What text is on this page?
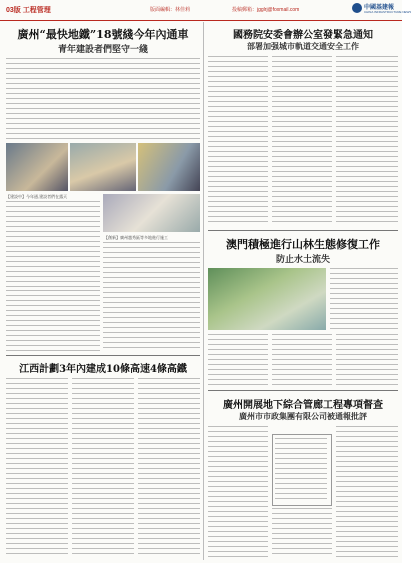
03版 工程管理	版面編輯：林佳莉	投稿郵箱：jgglrj@foxmail.com	中國基建報
CHINA INFRASTRUCTURE NEWS
廣州“最快地鐵”18號綫今年內通車
青年建設者們堅守一綫
【建設中】今年通,建設者們在露天
【創新】廣州越秀區等多地進行施工
江西計劃3年內建成10條高速4條高鐵
國務院安委會辦公室發緊急通知
部署加强城市軌道交通安全工作
澳門積極進行山林生態修復工作
防止水土流失
廣州開展地下綜合管廊工程專項督查
廣州市市政集團有限公司被通報批評
